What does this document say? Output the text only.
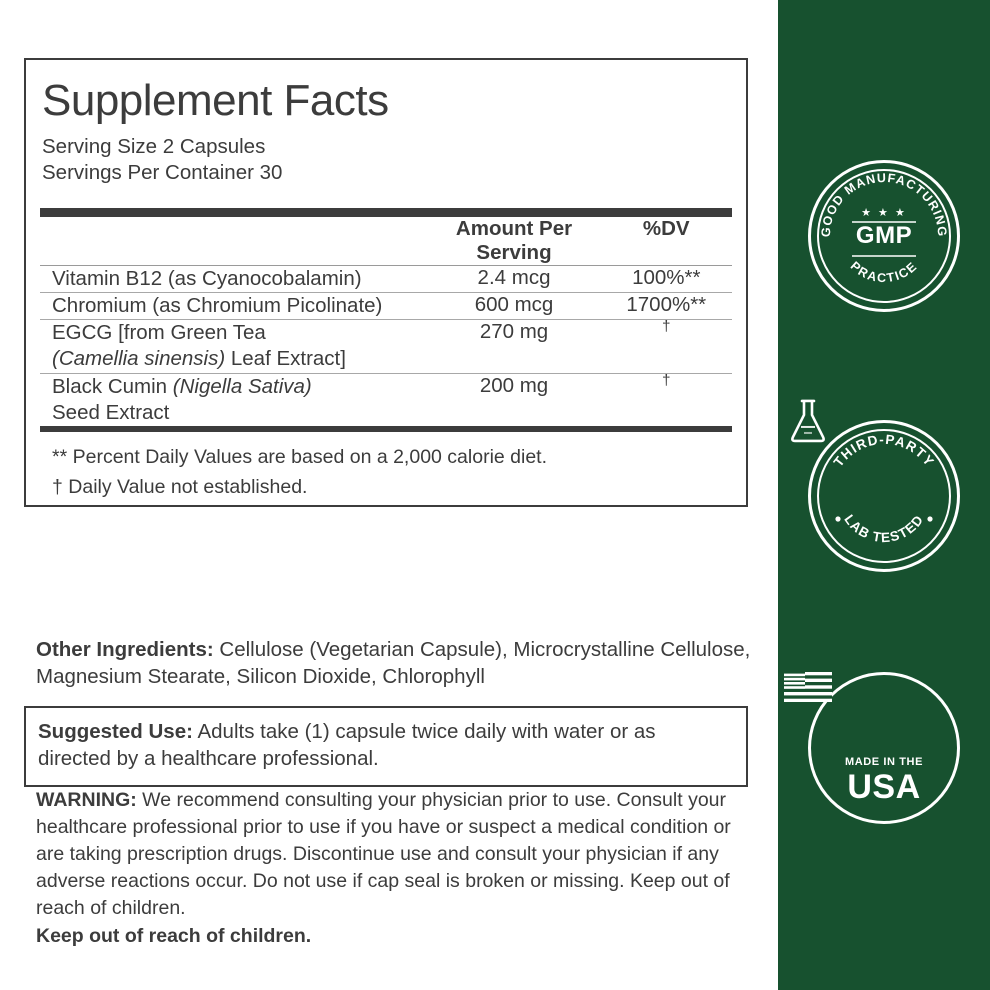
Supplement Facts
Serving Size 2 Capsules
Servings Per Container 30
	Amount Per Serving	%DV
Vitamin B12 (as Cyanocobalamin)	2.4 mcg	100%**
Chromium (as Chromium Picolinate)	600 mcg	1700%**
EGCG [from Green Tea
(Camellia sinensis) Leaf Extract]	270 mg	†
Black Cumin (Nigella Sativa)
Seed Extract	200 mg	†
** Percent Daily Values are based on a 2,000 calorie diet.
† Daily Value not established.
Other Ingredients: Cellulose (Vegetarian Capsule), Microcrystalline Cellulose, Magnesium Stearate, Silicon Dioxide, Chlorophyll
Suggested Use: Adults take (1) capsule twice daily with water or as directed by a healthcare professional.
WARNING: We recommend consulting your physician prior to use. Consult your healthcare professional prior to use if you have or suspect a medical condition or are taking prescription drugs. Discontinue use and consult your physician if any adverse reactions occur. Do not use if cap seal is broken or missing. Keep out of reach of children.
Keep out of reach of children.
GOOD MANUFACTURING
PRACTICE
★ ★ ★
GMP
THIRD-PARTY
LAB TESTED
MADE IN THE
USA
